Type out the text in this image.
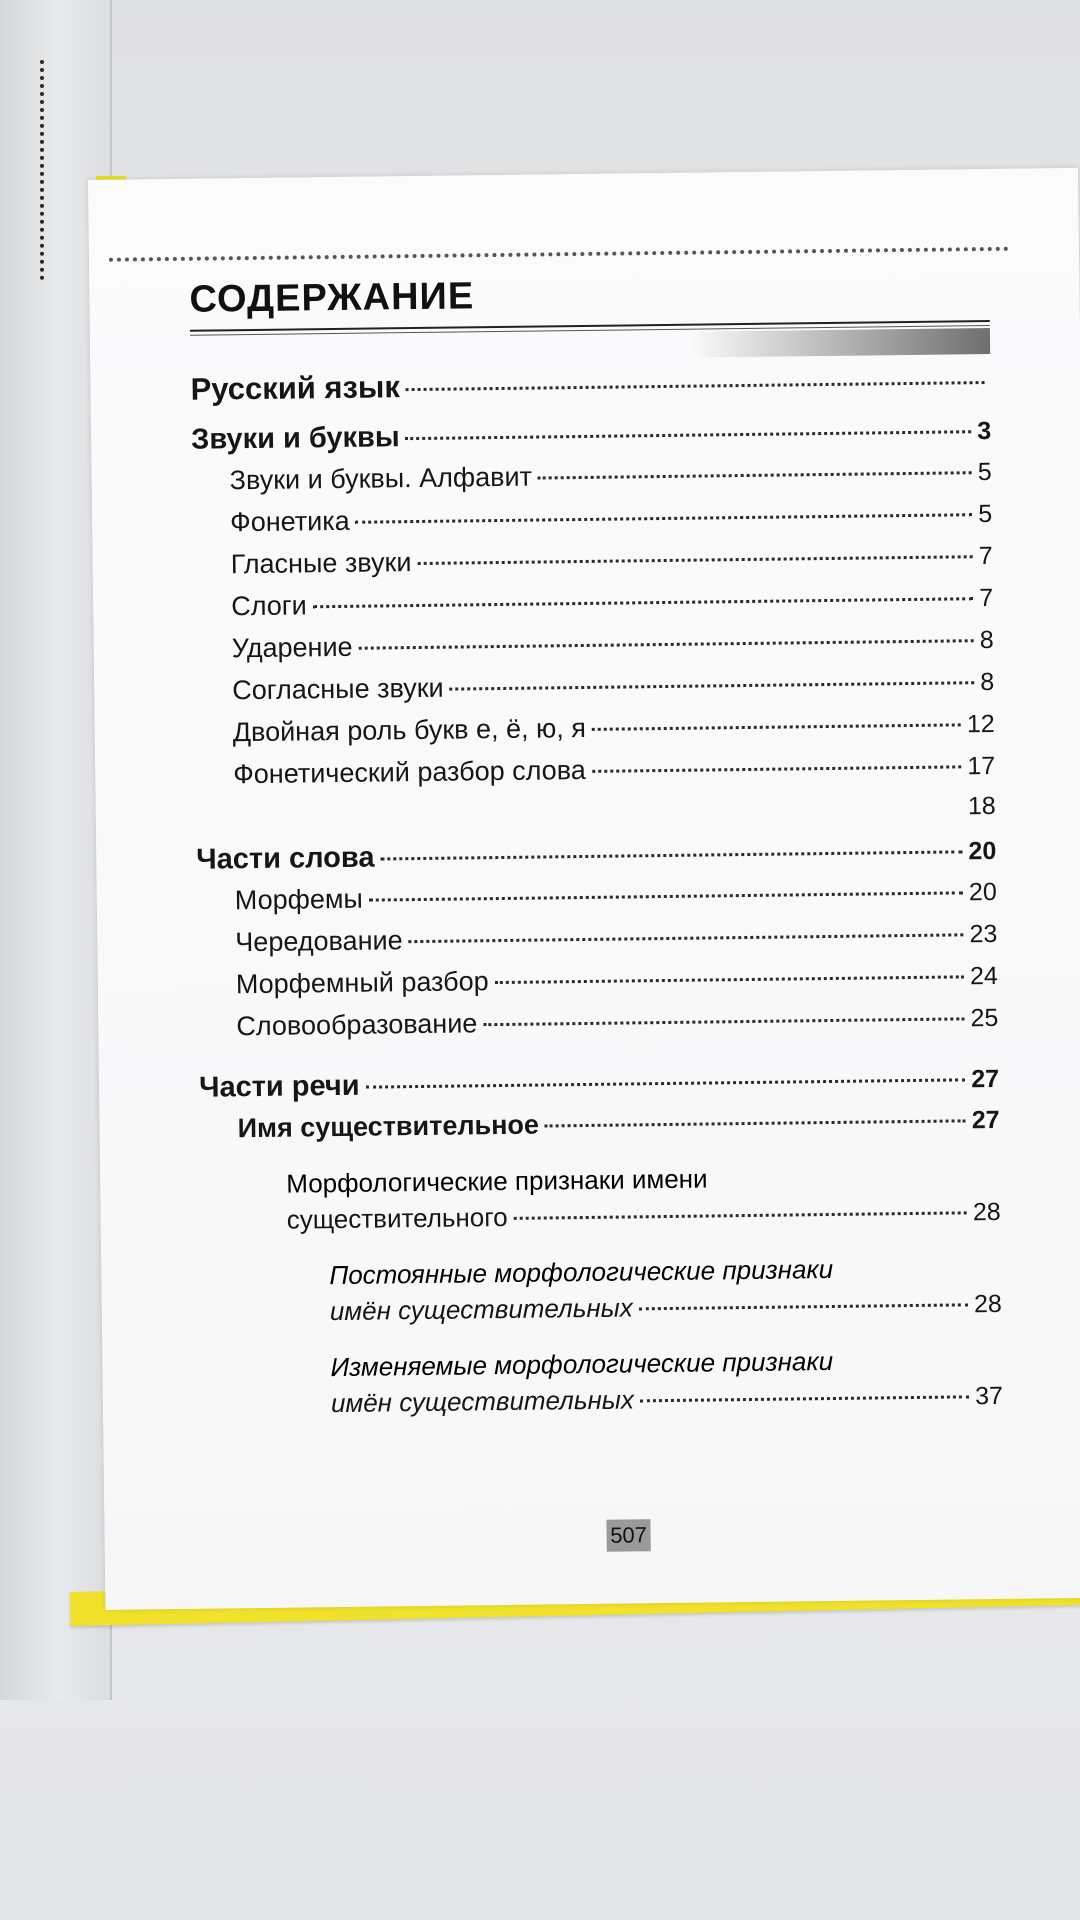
СОДЕРЖАНИЕ
Русский язык
Звуки и буквы	3
Звуки и буквы. Алфавит	5
Фонетика	5
Гласные звуки	7
Слоги	7
Ударение	8
Согласные звуки	8
Двойная роль букв е, ё, ю, я	12
Фонетический разбор слова	17
18
Части слова	20
Морфемы	20
Чередование	23
Морфемный разбор	24
Словообразование	25
Части речи	27
Имя существительное	27
Морфологические признаки имени
существительного	28
Постоянные морфологические признаки
имён существительных	28
Изменяемые морфологические признаки
имён существительных	37
507
